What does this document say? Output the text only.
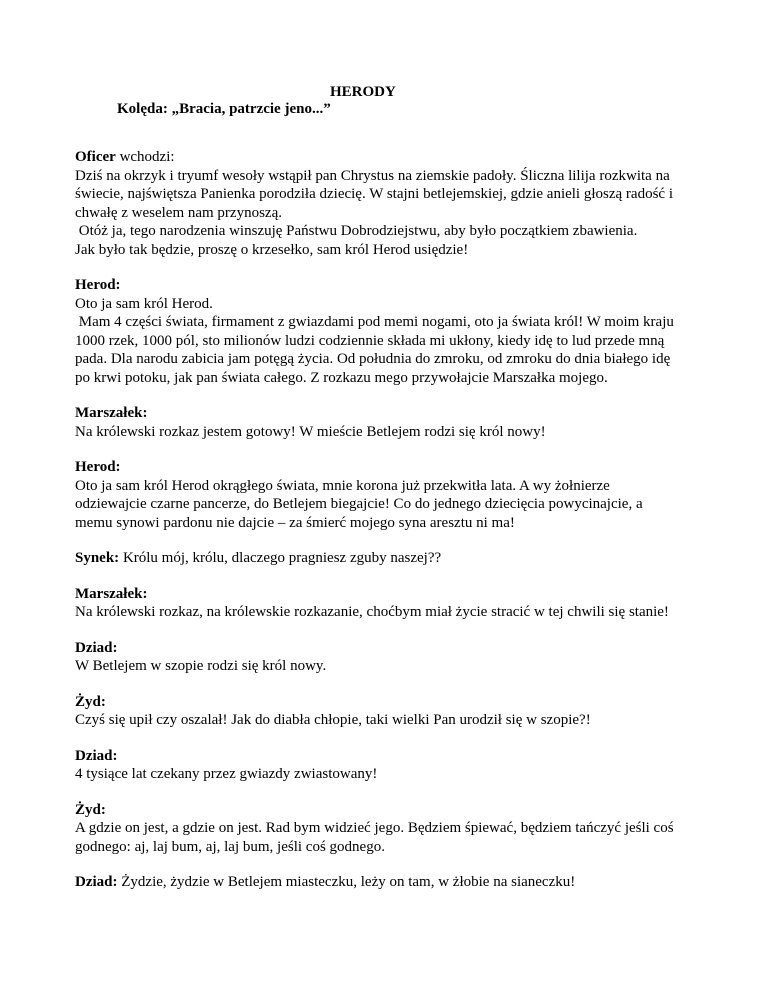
HERODY
Kolęda: „Bracia, patrzcie jeno...”
Oficer wchodzi:
Dziś na okrzyk i tryumf wesoły wstąpił pan Chrystus na ziemskie padoły. Śliczna lilija rozkwita na
świecie, najświętsza Panienka porodziła dziecię. W stajni betlejemskiej, gdzie anieli głoszą radość i
chwałę z weselem nam przynoszą.
Otóż ja, tego narodzenia winszuję Państwu Dobrodziejstwu, aby było początkiem zbawienia.
Jak było tak będzie, proszę o krzesełko, sam król Herod usiędzie!
Herod:
Oto ja sam król Herod.
Mam 4 części świata, firmament z gwiazdami pod memi nogami, oto ja świata król! W moim kraju
1000 rzek, 1000 pól, sto milionów ludzi codziennie składa mi ukłony, kiedy idę to lud przede mną
pada. Dla narodu zabicia jam potęgą życia. Od południa do zmroku, od zmroku do dnia białego idę
po krwi potoku, jak pan świata całego. Z rozkazu mego przywołajcie Marszałka mojego.
Marszałek:
Na królewski rozkaz jestem gotowy! W mieście Betlejem rodzi się król nowy!
Herod:
Oto ja sam król Herod okrągłego świata, mnie korona już przekwitła lata. A wy żołnierze
odziewajcie czarne pancerze, do Betlejem biegajcie! Co do jednego dziecięcia powycinajcie, a
memu synowi pardonu nie dajcie – za śmierć mojego syna aresztu ni ma!
Synek: Królu mój, królu, dlaczego pragniesz zguby naszej??
Marszałek:
Na królewski rozkaz, na królewskie rozkazanie, choćbym miał życie stracić w tej chwili się stanie!
Dziad:
W Betlejem w szopie rodzi się król nowy.
Żyd:
Czyś się upił czy oszalał! Jak do diabła chłopie, taki wielki Pan urodził się w szopie?!
Dziad:
4 tysiące lat czekany przez gwiazdy zwiastowany!
Żyd:
A gdzie on jest, a gdzie on jest. Rad bym widzieć jego. Będziem śpiewać, będziem tańczyć jeśli coś
godnego: aj, laj bum, aj, laj bum, jeśli coś godnego.
Dziad: Żydzie, żydzie w Betlejem miasteczku, leży on tam, w żłobie na sianeczku!
